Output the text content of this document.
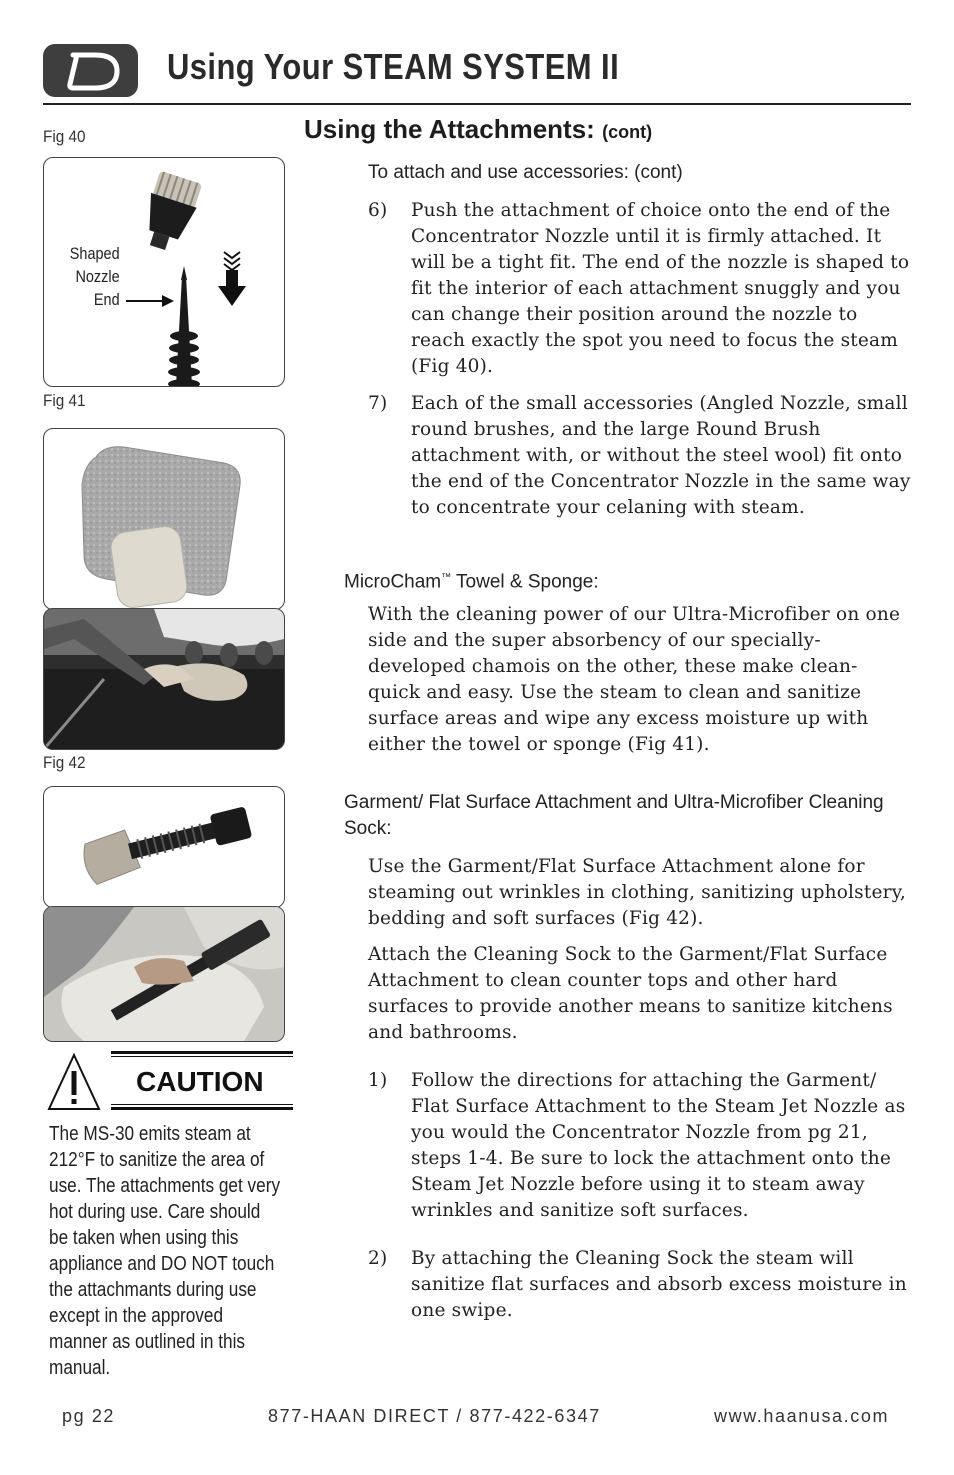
Using Your STEAM SYSTEM II
Fig 40
Shaped
Nozzle
End
Fig 41
Fig 42
CAUTION
The MS-30 emits steam at 212°F to sanitize the area of use. The attachments get very hot during use. Care should be taken when using this appliance and DO NOT touch the attachmants during use except in the approved manner as outlined in this manual.
Using the Attachments: (cont)
To attach and use accessories: (cont)
6)	Push the attachment of choice onto the end of the Concentrator Nozzle until it is firmly attached. It will be a tight fit. The end of the nozzle is shaped to fit the interior of each attachment snuggly and you can change their position around the nozzle to reach exactly the spot you need to focus the steam (Fig 40).
7)	Each of the small accessories (Angled Nozzle, small round brushes, and the large Round Brush attachment with, or without the steel wool) fit onto the end of the Concentrator Nozzle in the same way to concentrate your celaning with steam.
MicroCham™ Towel & Sponge:
With the cleaning power of our Ultra-Microfiber on one side and the super absorbency of our specially-developed chamois on the other, these make clean-quick and easy. Use the steam to clean and sanitize surface areas and wipe any excess moisture up with either the towel or sponge (Fig 41).
Garment/ Flat Surface Attachment and Ultra-Microfiber Cleaning Sock:
Use the Garment/Flat Surface Attachment alone for steaming out wrinkles in clothing, sanitizing upholstery, bedding and soft surfaces (Fig 42).
Attach the Cleaning Sock to the Garment/Flat Surface Attachment to clean counter tops and other hard surfaces to provide another means to sanitize kitchens and bathrooms.
1)	Follow the directions for attaching the Garment/ Flat Surface Attachment to the Steam Jet Nozzle as you would the Concentrator Nozzle from pg 21, steps 1-4. Be sure to lock the attachment onto the Steam Jet Nozzle before using it to steam away wrinkles and sanitize soft surfaces.
2)	By attaching the Cleaning Sock the steam will sanitize flat surfaces and absorb excess moisture in one swipe.
pg 22	877-HAAN DIRECT / 877-422-6347	www.haanusa.com
